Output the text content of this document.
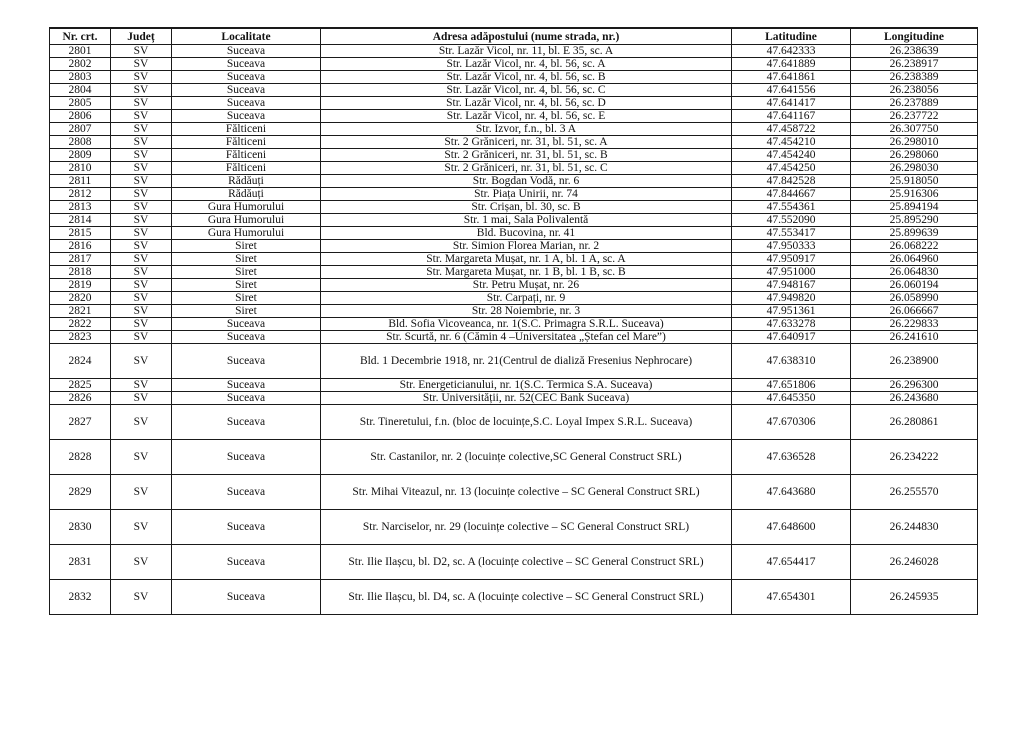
Nr. crt.	Județ	Localitate	Adresa adăpostului (nume strada, nr.)	Latitudine	Longitudine
2801	SV	Suceava	Str. Lazăr Vicol, nr. 11, bl. E 35, sc. A	47.642333	26.238639
2802	SV	Suceava	Str. Lazăr Vicol, nr. 4, bl. 56, sc. A	47.641889	26.238917
2803	SV	Suceava	Str. Lazăr Vicol, nr. 4, bl. 56, sc. B	47.641861	26.238389
2804	SV	Suceava	Str. Lazăr Vicol, nr. 4, bl. 56, sc. C	47.641556	26.238056
2805	SV	Suceava	Str. Lazăr Vicol, nr. 4, bl. 56, sc. D	47.641417	26.237889
2806	SV	Suceava	Str. Lazăr Vicol, nr. 4, bl. 56, sc. E	47.641167	26.237722
2807	SV	Fălticeni	Str. Izvor, f.n., bl. 3 A	47.458722	26.307750
2808	SV	Fălticeni	Str. 2 Grăniceri, nr. 31, bl. 51, sc. A	47.454210	26.298010
2809	SV	Fălticeni	Str. 2 Grăniceri, nr. 31, bl. 51, sc. B	47.454240	26.298060
2810	SV	Fălticeni	Str. 2 Grăniceri, nr. 31, bl. 51, sc. C	47.454250	26.298030
2811	SV	Rădăuți	Str. Bogdan Vodă, nr. 6	47.842528	25.918050
2812	SV	Rădăuți	Str. Piața Unirii, nr. 74	47.844667	25.916306
2813	SV	Gura Humorului	Str. Crișan, bl. 30, sc. B	47.554361	25.894194
2814	SV	Gura Humorului	Str. 1 mai, Sala Polivalentă	47.552090	25.895290
2815	SV	Gura Humorului	Bld. Bucovina, nr. 41	47.553417	25.899639
2816	SV	Siret	Str. Simion Florea Marian, nr. 2	47.950333	26.068222
2817	SV	Siret	Str. Margareta Mușat, nr. 1 A, bl. 1 A, sc. A	47.950917	26.064960
2818	SV	Siret	Str. Margareta Mușat, nr. 1 B, bl. 1 B, sc. B	47.951000	26.064830
2819	SV	Siret	Str. Petru Mușat, nr. 26	47.948167	26.060194
2820	SV	Siret	Str. Carpați, nr. 9	47.949820	26.058990
2821	SV	Siret	Str. 28 Noiembrie, nr. 3	47.951361	26.066667
2822	SV	Suceava	Bld. Sofia Vicoveanca, nr. 1(S.C. Primagra S.R.L. Suceava)	47.633278	26.229833
2823	SV	Suceava	Str. Scurtă, nr. 6 (Cămin 4 –Universitatea „Ștefan cel Mare”)	47.640917	26.241610
2824	SV	Suceava	Bld. 1 Decembrie 1918, nr. 21(Centrul de dializă Fresenius Nephrocare)	47.638310	26.238900
2825	SV	Suceava	Str. Energeticianului, nr. 1(S.C. Termica S.A. Suceava)	47.651806	26.296300
2826	SV	Suceava	Str. Universității, nr. 52(CEC Bank Suceava)	47.645350	26.243680
2827	SV	Suceava	Str. Tineretului, f.n. (bloc de locuințe,S.C. Loyal Impex S.R.L. Suceava)	47.670306	26.280861
2828	SV	Suceava	Str. Castanilor, nr. 2 (locuințe colective,SC General Construct SRL)	47.636528	26.234222
2829	SV	Suceava	Str. Mihai Viteazul, nr. 13 (locuințe colective – SC General Construct SRL)	47.643680	26.255570
2830	SV	Suceava	Str. Narciselor, nr. 29 (locuințe colective – SC General Construct SRL)	47.648600	26.244830
2831	SV	Suceava	Str. Ilie Ilașcu, bl. D2, sc. A (locuințe colective – SC General Construct SRL)	47.654417	26.246028
2832	SV	Suceava	Str. Ilie Ilașcu, bl. D4, sc. A (locuințe colective – SC General Construct SRL)	47.654301	26.245935
